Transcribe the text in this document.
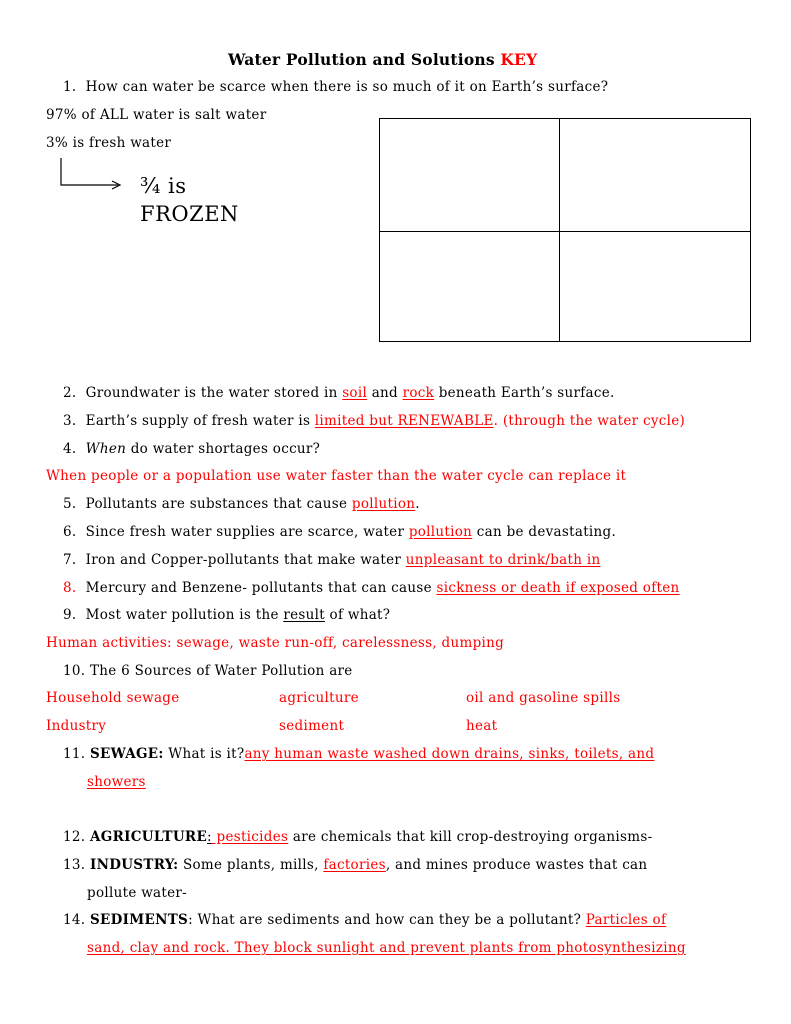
Water Pollution and Solutions KEY
1. How can water be scarce when there is so much of it on Earth’s surface?
97% of ALL water is salt water
3% is fresh water
¾ is
FROZEN
2. Groundwater is the water stored in soil and rock beneath Earth’s surface.
3. Earth’s supply of fresh water is limited but RENEWABLE. (through the water cycle)
4. When do water shortages occur?
When people or a population use water faster than the water cycle can replace it
5. Pollutants are substances that cause pollution.
6. Since fresh water supplies are scarce, water pollution can be devastating.
7. Iron and Copper-pollutants that make water unpleasant to drink/bath in
8. Mercury and Benzene- pollutants that can cause sickness or death if exposed often
9. Most water pollution is the result of what?
Human activities: sewage, waste run-off, carelessness, dumping
10. The 6 Sources of Water Pollution are
Household sewage	agriculture	oil and gasoline spills
Industry	sediment	heat
11. SEWAGE: What is it?any human waste washed down drains, sinks, toilets, and
showers
12. AGRICULTURE: pesticides are chemicals that kill crop-destroying organisms-
13. INDUSTRY: Some plants, mills, factories, and mines produce wastes that can
pollute water-
14. SEDIMENTS: What are sediments and how can they be a pollutant? Particles of
sand, clay and rock. They block sunlight and prevent plants from photosynthesizing
